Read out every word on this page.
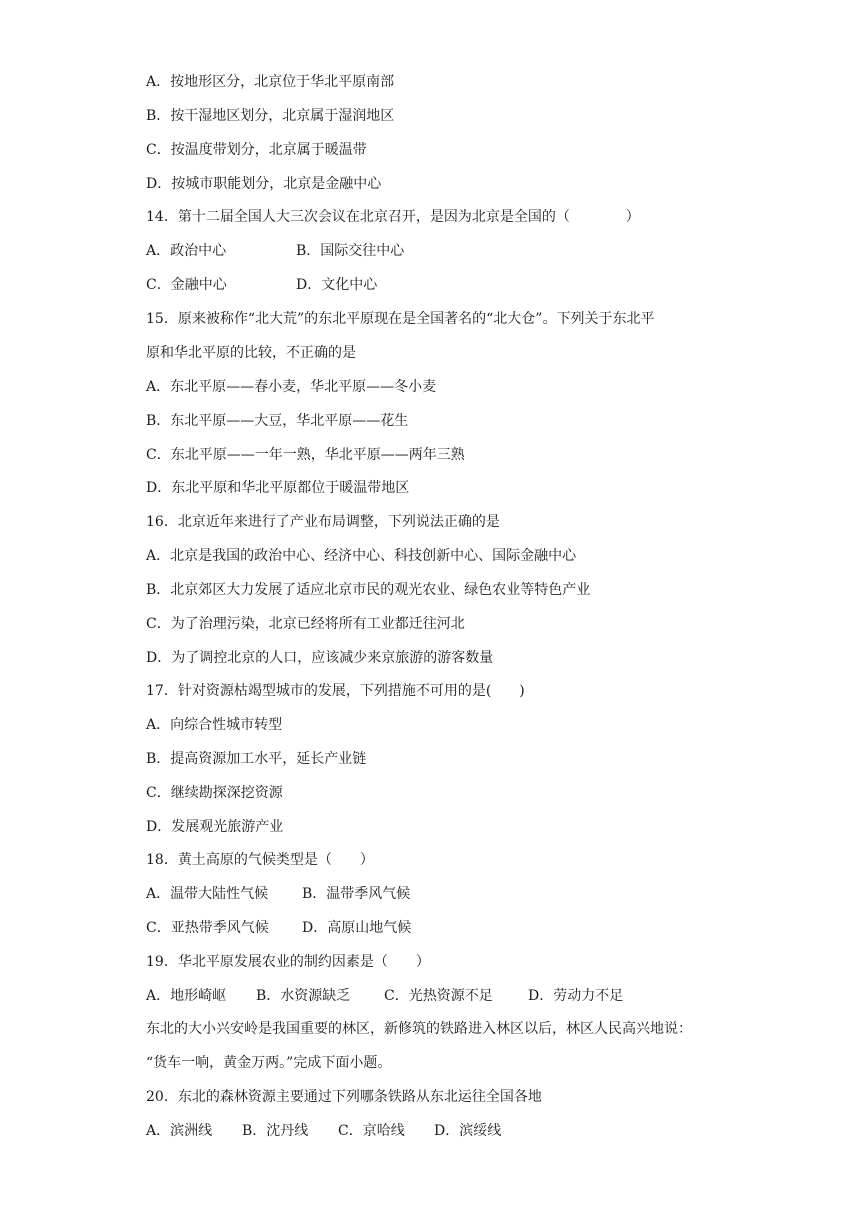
A．按地形区分，北京位于华北平原南部
B．按干湿地区划分，北京属于湿润地区
C．按温度带划分，北京属于暖温带
D．按城市职能划分，北京是金融中心
14．第十二届全国人大三次会议在北京召开，是因为北京是全国的（　　　　）
A．政治中心	B．国际交往中心
C．金融中心	D．文化中心
15．原来被称作“北大荒”的东北平原现在是全国著名的“北大仓”。下列关于东北平
原和华北平原的比较，不正确的是
A．东北平原——春小麦，华北平原——冬小麦
B．东北平原——大豆，华北平原——花生
C．东北平原——一年一熟，华北平原——两年三熟
D．东北平原和华北平原都位于暖温带地区
16．北京近年来进行了产业布局调整，下列说法正确的是
A．北京是我国的政治中心、经济中心、科技创新中心、国际金融中心
B．北京郊区大力发展了适应北京市民的观光农业、绿色农业等特色产业
C．为了治理污染，北京已经将所有工业都迁往河北
D．为了调控北京的人口，应该减少来京旅游的游客数量
17．针对资源枯竭型城市的发展，下列措施不可用的是(　　)
A．向综合性城市转型
B．提高资源加工水平，延长产业链
C．继续勘探深挖资源
D．发展观光旅游产业
18．黄土高原的气候类型是（　　）
A．温带大陆性气候 B．温带季风气候
C．亚热带季风气候 D．高原山地气候
19．华北平原发展农业的制约因素是（　　）
A．地形崎岖 B．水资源缺乏 C．光热资源不足	D．劳动力不足
东北的大小兴安岭是我国重要的林区，新修筑的铁路进入林区以后，林区人民高兴地说：
“货车一响，黄金万两。”完成下面小题。
20．东北的森林资源主要通过下列哪条铁路从东北运往全国各地
A．滨洲线 B．沈丹线 C．京哈线 D．滨绥线
